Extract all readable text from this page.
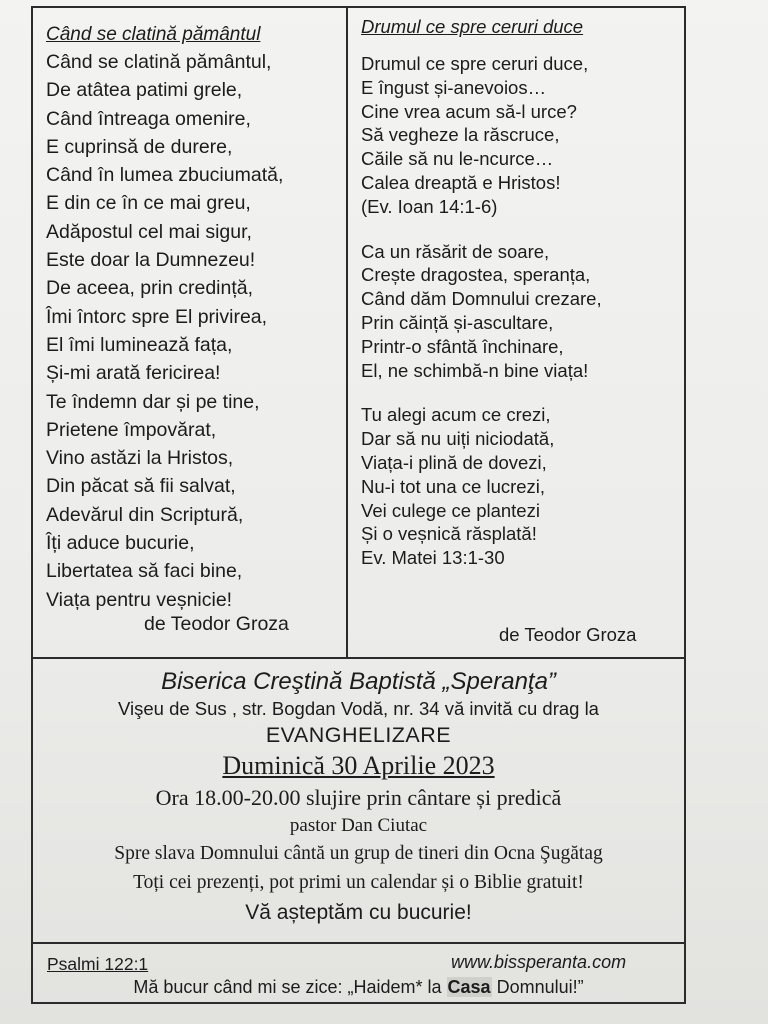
Când se clatină pământul

Când se clatină pământul,

De atâtea patimi grele,

Când întreaga omenire,

E cuprinsă de durere,

Când în lumea zbuciumată,

E din ce în ce mai greu,

Adăpostul cel mai sigur,

Este doar la Dumnezeu!

De aceea, prin credință,

Îmi întorc spre El privirea,

El îmi luminează fața,

Și-mi arată fericirea!

Te îndemn dar și pe tine,

Prietene împovărat,

Vino astăzi la Hristos,

Din păcat să fii salvat,

Adevărul din Scriptură,

Îți aduce bucurie,

Libertatea să faci bine,

Viața pentru veșnicie!

de Teodor Groza

Drumul ce spre ceruri duce

Drumul ce spre ceruri duce,

E îngust și-anevoios…

Cine vrea acum să-l urce?

Să vegheze la răscruce,

Căile să nu le-ncurce…

Calea dreaptă e Hristos!

(Ev. Ioan 14:1-6)

Ca un răsărit de soare,

Crește dragostea, speranța,

Când dăm Domnului crezare,

Prin căință și-ascultare,

Printr-o sfântă închinare,

El, ne schimbă-n bine viața!

Tu alegi acum ce crezi,

Dar să nu uiți niciodată,

Viața-i plină de dovezi,

Nu-i tot una ce lucrezi,

Vei culege ce plantezi

Și o veșnică răsplată!

Ev. Matei 13:1-30

de Teodor Groza
Biserica Creştină Baptistă „Speranţa”
Vişeu de Sus , str. Bogdan Vodă, nr. 34 vă invită cu drag la
EVANGHELIZARE
Duminică 30 Aprilie 2023
Ora 18.00-20.00 slujire prin cântare și predică
pastor Dan Ciutac
Spre slava Domnului cântă un grup de tineri din Ocna Şugătag
Toți cei prezenți, pot primi un calendar și o Biblie gratuit!
Vă așteptăm cu bucurie!
Psalmi 122:1	www.bissperanta.com
Mă bucur când mi se zice: „Haidem* la Casa Domnului!”
